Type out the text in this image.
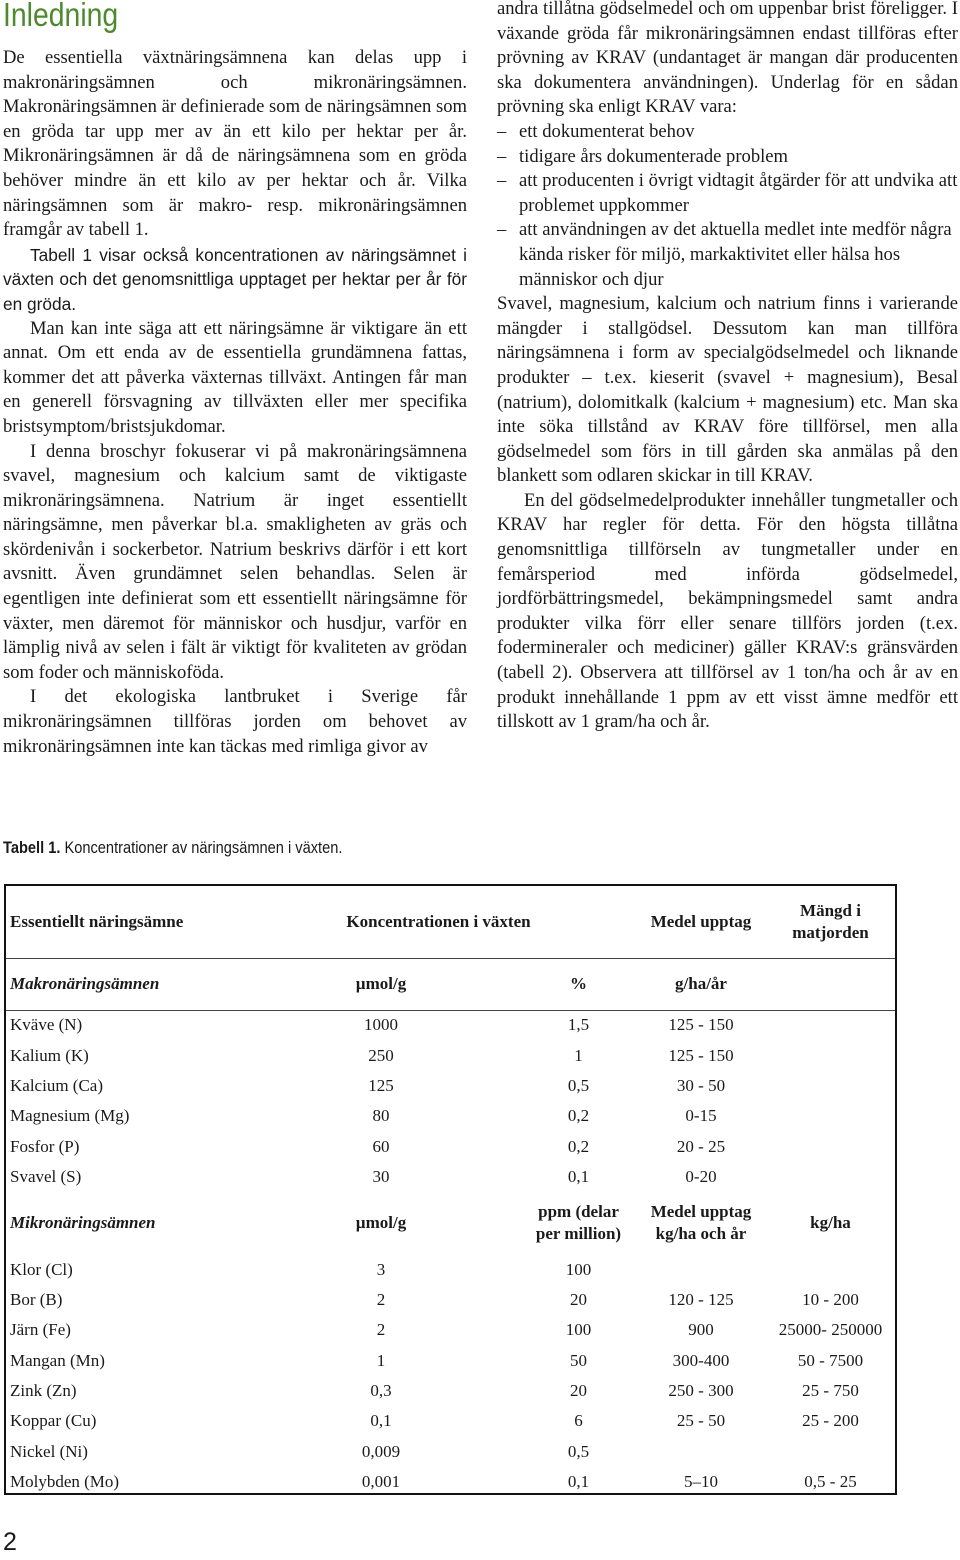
Inledning

De essentiella växtnäringsämnena kan delas upp i makronäringsämnen och mikronäringsämnen. Makronäringsämnen är definierade som de näringsämnen som en gröda tar upp mer av än ett kilo per hektar per år. Mikronäringsämnen är då de näringsämnena som en gröda behöver mindre än ett kilo av per hektar och år. Vilka näringsämnen som är makro- resp. mikronäringsämnen framgår av tabell 1.

Tabell 1 visar också koncentrationen av näringsämnet i växten och det genomsnittliga upptaget per hektar per år för en gröda.

Man kan inte säga att ett näringsämne är viktigare än ett annat. Om ett enda av de essentiella grundämnena fattas, kommer det att påverka växternas tillväxt. Antingen får man en generell försvagning av tillväxten eller mer specifika bristsymptom/bristsjukdomar.

I denna broschyr fokuserar vi på makronäringsämnena svavel, magnesium och kalcium samt de viktigaste mikronäringsämnena. Natrium är inget essentiellt näringsämne, men påverkar bl.a. smakligheten av gräs och skördenivån i sockerbetor. Natrium beskrivs därför i ett kort avsnitt. Även grundämnet selen behandlas. Selen är egentligen inte definierat som ett essentiellt näringsämne för växter, men däremot för människor och husdjur, varför en lämplig nivå av selen i fält är viktigt för kvaliteten av grödan som foder och människoföda.

I det ekologiska lantbruket i Sverige får mikronäringsämnen tillföras jorden om behovet av mikronäringsämnen inte kan täckas med rimliga givor av

andra tillåtna gödselmedel och om uppenbar brist föreligger. I växande gröda får mikronäringsämnen endast tillföras efter prövning av KRAV (undantaget är mangan där producenten ska dokumentera användningen). Underlag för en sådan prövning ska enligt KRAV vara:

– ett dokumenterat behov
– tidigare års dokumenterade problem
– att producenten i övrigt vidtagit åtgärder för att undvika att problemet uppkommer
– att användningen av det aktuella medlet inte medför några kända risker för miljö, markaktivitet eller hälsa hos människor och djur

Svavel, magnesium, kalcium och natrium finns i varierande mängder i stallgödsel. Dessutom kan man tillföra näringsämnena i form av specialgödselmedel och liknande produkter – t.ex. kieserit (svavel + magnesium), Besal (natrium), dolomitkalk (kalcium + magnesium) etc. Man ska inte söka tillstånd av KRAV före tillförsel, men alla gödselmedel som förs in till gården ska anmälas på den blankett som odlaren skickar in till KRAV.

En del gödselmedelprodukter innehåller tungmetaller och KRAV har regler för detta. För den högsta tillåtna genomsnittliga tillförseln av tungmetaller under en femårsperiod med införda gödselmedel, jordförbättringsmedel, bekämpningsmedel samt andra produkter vilka förr eller senare tillförs jorden (t.ex. fodermineraler och mediciner) gäller KRAV:s gränsvärden (tabell 2). Observera att tillförsel av 1 ton/ha och år av en produkt innehållande 1 ppm av ett visst ämne medför ett tillskott av 1 gram/ha och år.

Tabell 1. Koncentrationer av näringsämnen i växten.

Essentiellt näringsämne	Koncentrationen i växten		Medel upptag	Mängd i matjorden
Makronäringsämnen	µmol/g	%	g/ha/år	
Kväve (N)	1000	1,5	125 - 150	
Kalium (K)	250	1	125 - 150	
Kalcium (Ca)	125	0,5	30 - 50	
Magnesium (Mg)	80	0,2	0-15	
Fosfor (P)	60	0,2	20 - 25	
Svavel (S)	30	0,1	0-20	
Mikronäringsämnen	µmol/g	ppm (delar per million)	Medel upptag kg/ha och år	kg/ha
Klor (Cl)	3	100		
Bor (B)	2	20	120 - 125	10 - 200
Järn (Fe)	2	100	900	25000- 250000
Mangan (Mn)	1	50	300-400	50 - 7500
Zink (Zn)	0,3	20	250 - 300	25 - 750
Koppar (Cu)	0,1	6	25 - 50	25 - 200
Nickel (Ni)	0,009	0,5		
Molybden (Mo)	0,001	0,1	5–10	0,5 - 25

2
